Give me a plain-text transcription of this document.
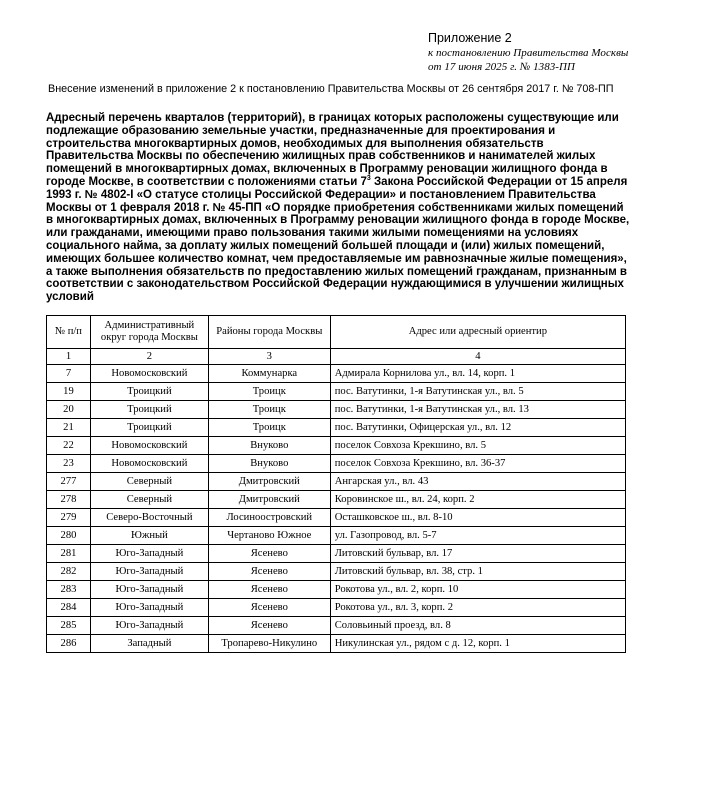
Приложение 2
к постановлению Правительства Москвы
от 17 июня 2025 г. № 1383-ПП
Внесение изменений в приложение 2 к постановлению Правительства Москвы от 26 сентября 2017 г. № 708-ПП
Адресный перечень кварталов (территорий), в границах которых расположены существующие или подлежащие образованию земельные участки, предназначенные для проектирования и строительства многоквартирных домов, необходимых для выполнения обязательств Правительства Москвы по обеспечению жилищных прав собственников и нанимателей жилых помещений в многоквартирных домах, включенных в Программу реновации жилищного фонда в городе Москве, в соответствии с положениями статьи $7^3$ Закона Российской Федерации от 15 апреля 1993 г. № 4802-I «О статусе столицы Российской Федерации» и постановлением Правительства Москвы от 1 февраля 2018 г. № 45-ПП «О порядке приобретения собственниками жилых помещений в многоквартирных домах, включенных в Программу реновации жилищного фонда в городе Москве, или гражданами, имеющими право пользования такими жилыми помещениями на условиях социального найма, за доплату жилых помещений большей площади и (или) жилых помещений, имеющих большее количество комнат, чем предоставляемые им равнозначные жилые помещения», а также выполнения обязательств по предоставлению жилых помещений гражданам, признанным в соответствии с законодательством Российской Федерации нуждающимися в улучшении жилищных условий
№ п/п	Административный округ города Москвы	Районы города Москвы	Адрес или адресный ориентир
1	2	3	4
7	Новомосковский	Коммунарка	Адмирала Корнилова ул., вл. 14, корп. 1
19	Троицкий	Троицк	пос. Ватутинки, 1-я Ватутинская ул., вл. 5
20	Троицкий	Троицк	пос. Ватутинки, 1-я Ватутинская ул., вл. 13
21	Троицкий	Троицк	пос. Ватутинки, Офицерская ул., вл. 12
22	Новомосковский	Внуково	поселок Совхоза Крекшино, вл. 5
23	Новомосковский	Внуково	поселок Совхоза Крекшино, вл. 36-37
277	Северный	Дмитровский	Ангарская ул., вл. 43
278	Северный	Дмитровский	Коровинское ш., вл. 24, корп. 2
279	Северо-Восточный	Лосиноостровский	Осташковское ш., вл. 8-10
280	Южный	Чертаново Южное	ул. Газопровод, вл. 5-7
281	Юго-Западный	Ясенево	Литовский бульвар, вл. 17
282	Юго-Западный	Ясенево	Литовский бульвар, вл. 38, стр. 1
283	Юго-Западный	Ясенево	Рокотова ул., вл. 2, корп. 10
284	Юго-Западный	Ясенево	Рокотова ул., вл. 3, корп. 2
285	Юго-Западный	Ясенево	Соловьиный проезд, вл. 8
286	Западный	Тропарево-Никулино	Никулинская ул., рядом с д. 12, корп. 1
